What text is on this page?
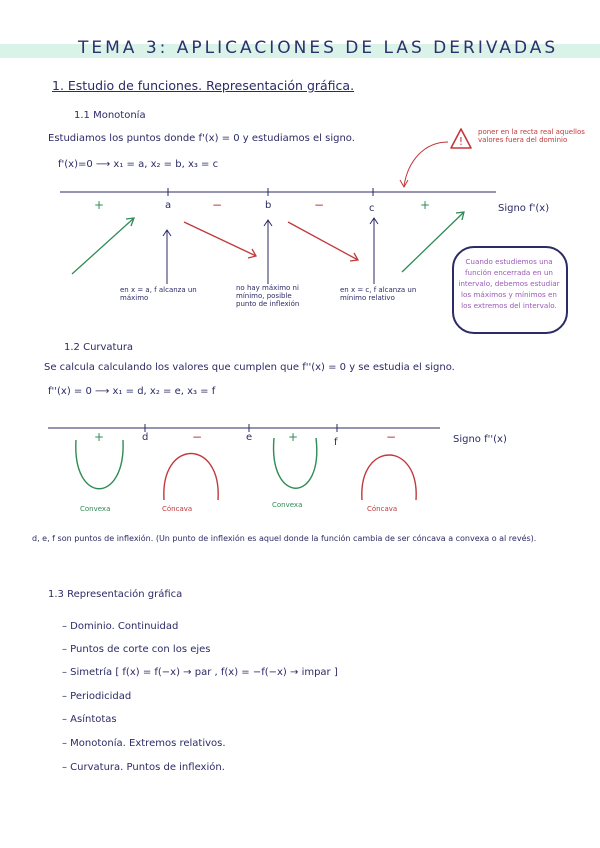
TEMA 3: APLICACIONES DE LAS DERIVADAS
1. Estudio de funciones. Representación gráfica.
1.1 Monotonía
Estudiamos los puntos donde f'(x) = 0 y estudiamos el signo.
f'(x)=0 ⟶ x₁ = a, x₂ = b, x₃ = c
poner en la recta real aquellos valores fuera del dominio
!
+	−	−	+
a	b	c	Signo f'(x)
en x = a, f alcanza un máximo
no hay máximo ni mínimo, posible punto de inflexión
en x = c, f alcanza un mínimo relativo
Cuando estudiemos una función encerrada en un intervalo, debemos estudiar los máximos y mínimos en los extremos del intervalo.
1.2 Curvatura
Se calcula calculando los valores que cumplen que f''(x) = 0 y se estudia el signo.
f''(x) = 0 ⟶ x₁ = d, x₂ = e, x₃ = f
+	−	+	−
d	e	f	Signo f''(x)
Convexa	Cóncava	Convexa	Cóncava
d, e, f son puntos de inflexión. (Un punto de inflexión es aquel donde la función cambia de ser cóncava a convexa o al revés).
1.3 Representación gráfica
– Dominio. Continuidad
– Puntos de corte con los ejes
– Simetría [ f(x) = f(−x) → par , f(x) = −f(−x) → impar ]
– Periodicidad
– Asíntotas
– Monotonía. Extremos relativos.
– Curvatura. Puntos de inflexión.
